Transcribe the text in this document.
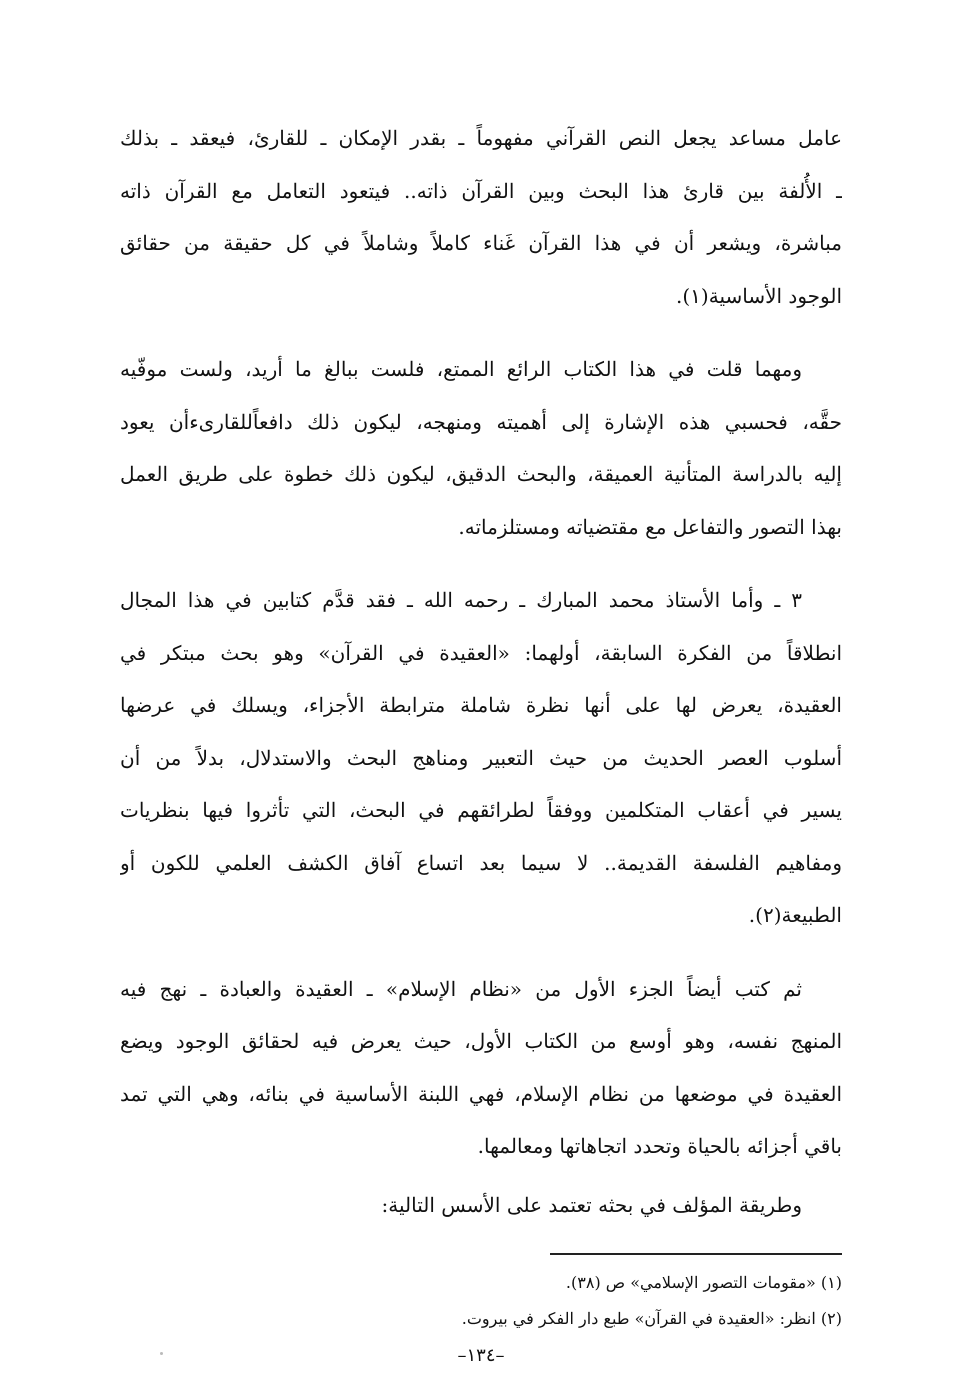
عامل مساعد يجعل النص القرآني مفهوماً ـ بقدر الإمكان ـ للقارئ، فيعقد ـ بذلك

ـ الأُلفة بين قارئ هذا البحث وبين القرآن ذاته.. فيتعود التعامل مع القرآن ذاته

مباشرة، ويشعر أن في هذا القرآن غَناء كاملاً وشاملاً في كل حقيقة من حقائق

الوجود الأساسية(١).

ومهما قلت في هذا الكتاب الرائع الممتع، فلست ببالغ ما أريد، ولست موفّيه

حقَّه، فحسبي هذه الإشارة إلى أهميته ومنهجه، ليكون ذلك دافعاًللقارىءأن يعود

إليه بالدراسة المتأنية العميقة، والبحث الدقيق، ليكون ذلك خطوة على طريق العمل

بهذا التصور والتفاعل مع مقتضياته ومستلزماته.

٣ ـ وأما الأستاذ محمد المبارك ـ رحمه الله ـ فقد قدَّم كتابين في هذا المجال

انطلاقاً من الفكرة السابقة، أولهما: «العقيدة في القرآن» وهو بحث مبتكر في

العقيدة، يعرض لها على أنها نظرة شاملة مترابطة الأجزاء، ويسلك في عرضها

أسلوب العصر الحديث من حيث التعبير ومناهج البحث والاستدلال، بدلاً من أن

يسير في أعقاب المتكلمين ووفقاً لطرائقهم في البحث، التي تأثروا فيها بنظريات

ومفاهيم الفلسفة القديمة.. لا سيما بعد اتساع آفاق الكشف العلمي للكون أو

الطبيعة(٢).

ثم كتب أيضاً الجزء الأول من «نظام الإسلام» ـ العقيدة والعبادة ـ نهج فيه

المنهج نفسه، وهو أوسع من الكتاب الأول، حيث يعرض فيه لحقائق الوجود ويضع

العقيدة في موضعها من نظام الإسلام، فهي اللبنة الأساسية في بنائه، وهي التي تمد

باقي أجزائه بالحياة وتحدد اتجاهاتها ومعالمها.

وطريقة المؤلف في بحثه تعتمد على الأسس التالية:

(١) «مقومات التصور الإسلامي» ص (٣٨).

(٢) انظر: «العقيدة في القرآن» طبع دار الفكر في بيروت.

–١٣٤–
